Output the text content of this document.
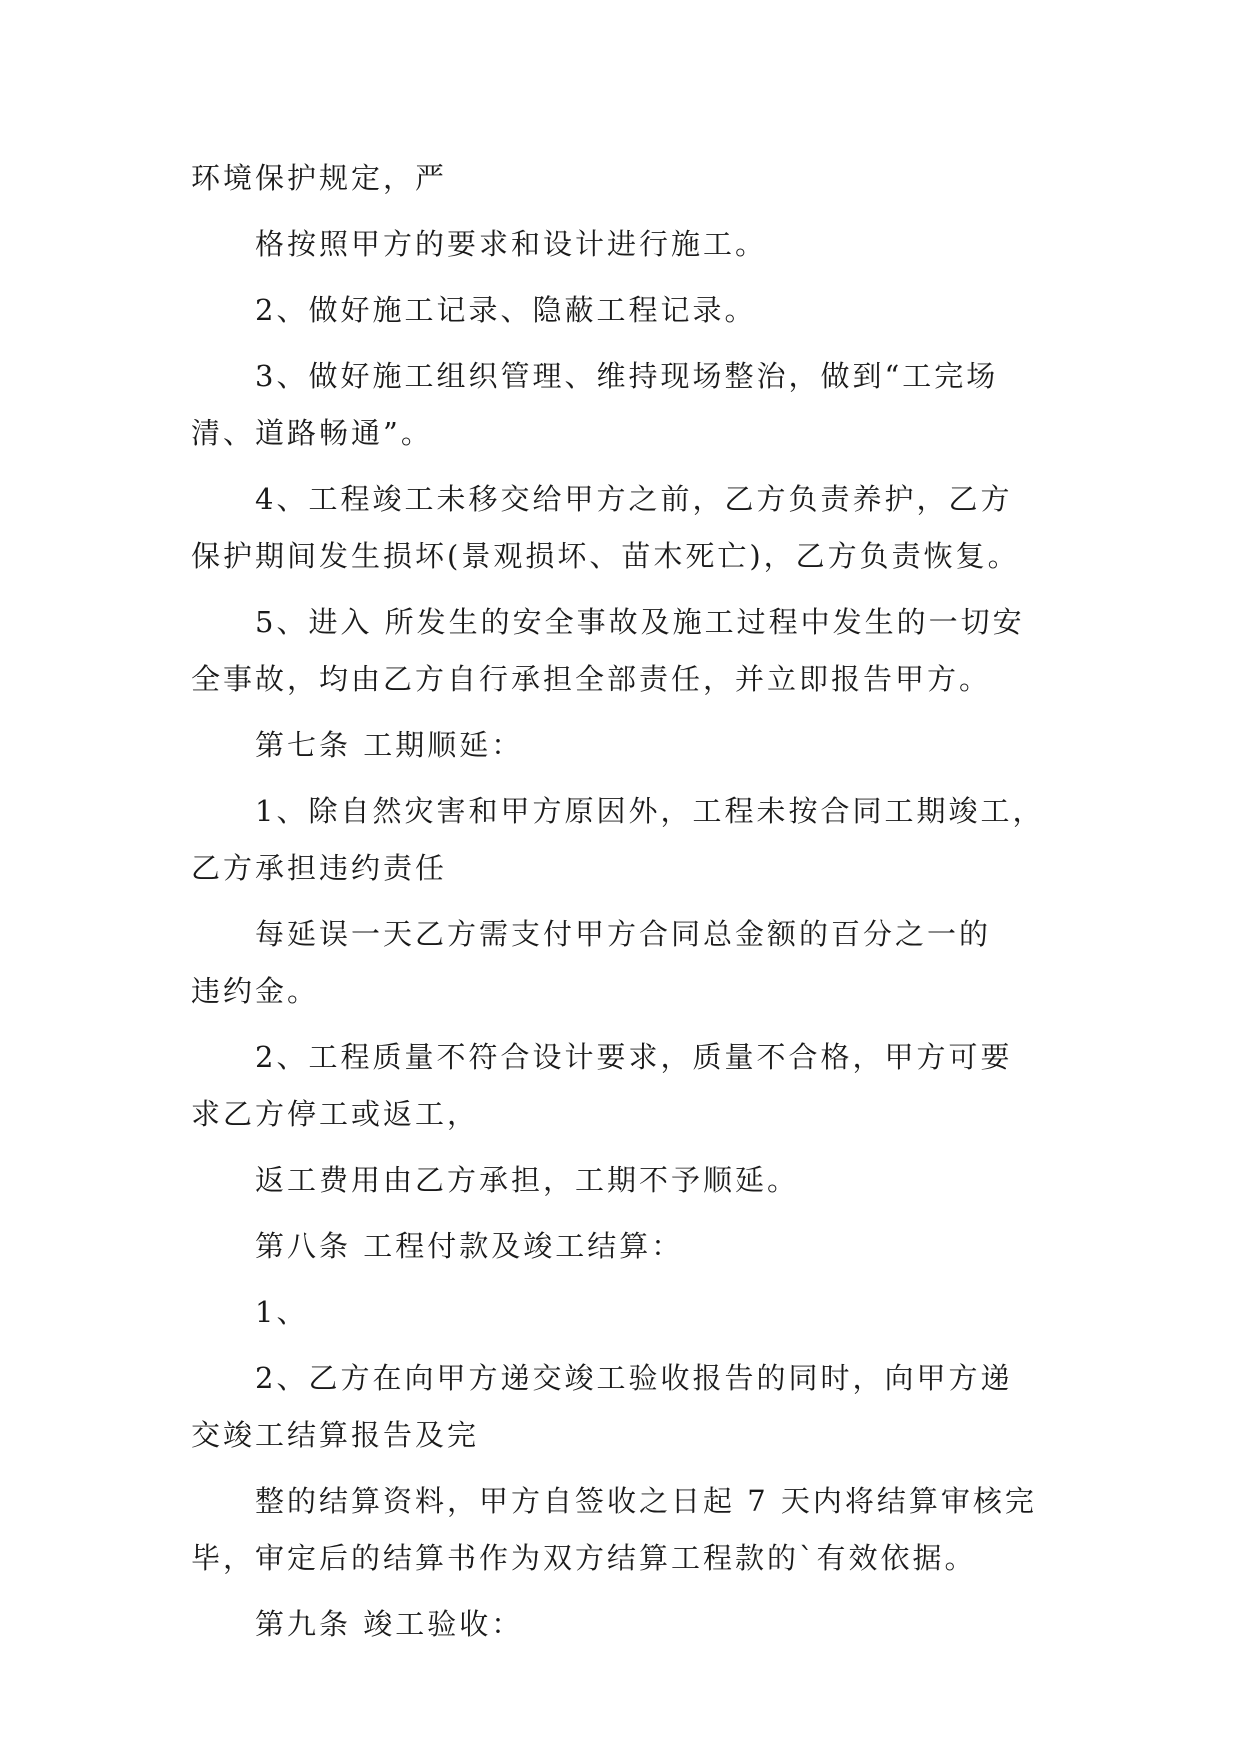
环境保护规定，严
格按照甲方的要求和设计进行施工。
2、做好施工记录、隐蔽工程记录。
3、做好施工组织管理、维持现场整治，做到“工完场
清、道路畅通”。
4、工程竣工未移交给甲方之前，乙方负责养护，乙方
保护期间发生损坏(景观损坏、苗木死亡)，乙方负责恢复。
5、进入 所发生的安全事故及施工过程中发生的一切安
全事故，均由乙方自行承担全部责任，并立即报告甲方。
第七条 工期顺延：
1、除自然灾害和甲方原因外，工程未按合同工期竣工，
乙方承担违约责任
每延误一天乙方需支付甲方合同总金额的百分之一的
违约金。
2、工程质量不符合设计要求，质量不合格，甲方可要
求乙方停工或返工，
返工费用由乙方承担，工期不予顺延。
第八条 工程付款及竣工结算：
1、
2、乙方在向甲方递交竣工验收报告的同时，向甲方递
交竣工结算报告及完
整的结算资料，甲方自签收之日起 7 天内将结算审核完
毕，审定后的结算书作为双方结算工程款的`有效依据。
第九条 竣工验收：
